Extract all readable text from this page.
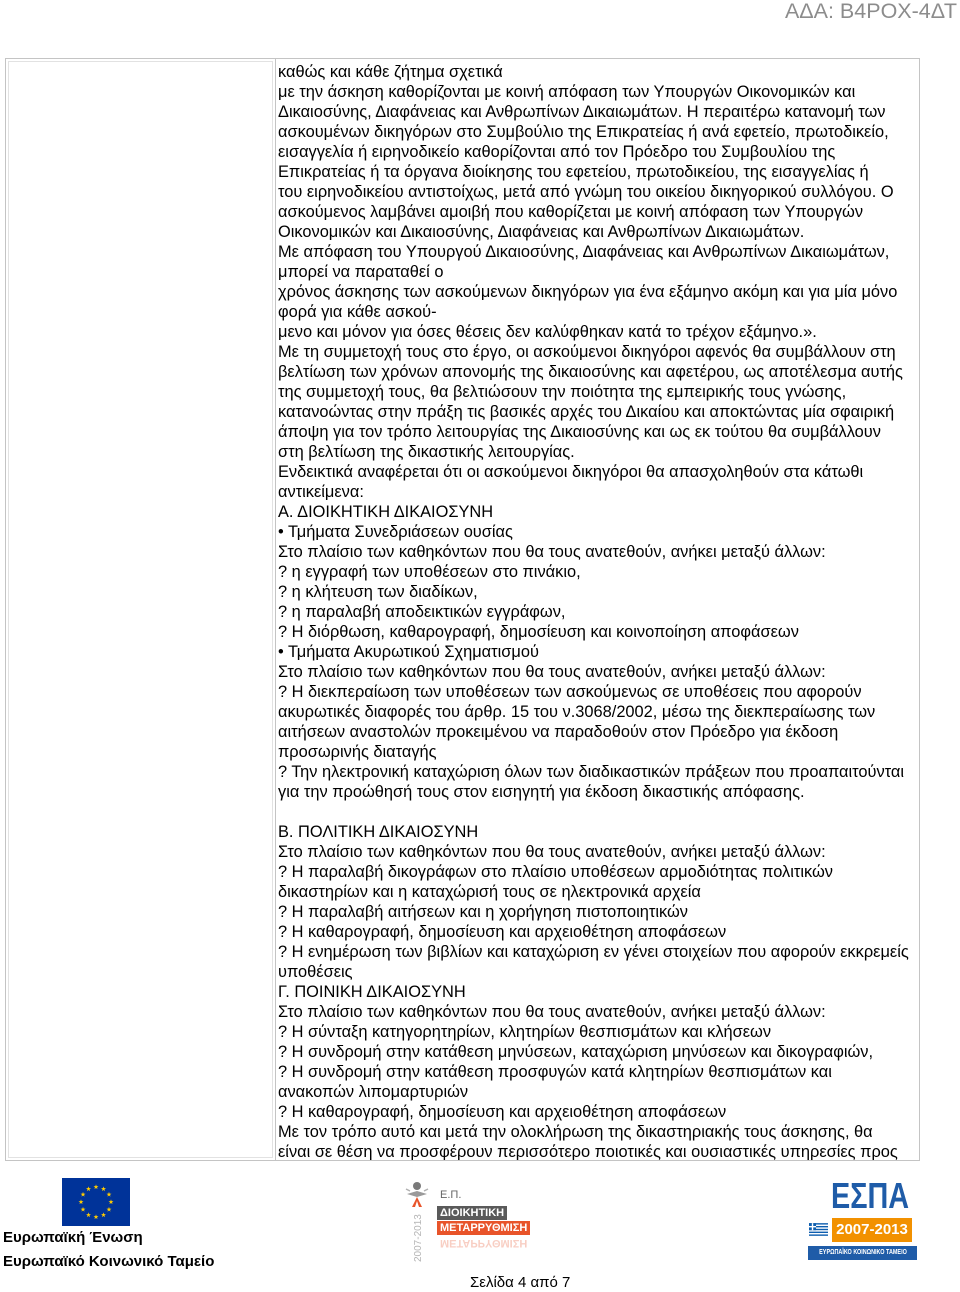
ΑΔΑ: Β4ΡΟΧ-4ΔΤ
καθώς και κάθε ζήτημα σχετικά
με την άσκηση καθορίζονται με κοινή απόφαση των Υπουργών Οικονομικών και
Δικαιοσύνης, Διαφάνειας και Ανθρωπίνων Δικαιωμάτων. Η περαιτέρω κατανομή των
ασκουμένων δικηγόρων στο Συμβούλιο της Επικρατείας ή ανά εφετείο, πρωτοδικείο,
εισαγγελία ή ειρηνοδικείο καθορίζονται από τον Πρόεδρο του Συμβουλίου της
Επικρατείας ή τα όργανα διοίκησης του εφετείου, πρωτοδικείου, της εισαγγελίας ή
του ειρηνοδικείου αντιστοίχως, μετά από γνώμη του οικείου δικηγορικού συλλόγου. Ο
ασκούμενος λαμβάνει αμοιβή που καθορίζεται με κοινή απόφαση των Υπουργών
Οικονομικών και Δικαιοσύνης, Διαφάνειας και Ανθρωπίνων Δικαιωμάτων.
Με απόφαση του Υπουργού Δικαιοσύνης, Διαφάνειας και Ανθρωπίνων Δικαιωμάτων,
μπορεί να παραταθεί ο
χρόνος άσκησης των ασκούμενων δικηγόρων για ένα εξάμηνο ακόμη και για μία μόνο
φορά για κάθε ασκού-
μενο και μόνον για όσες θέσεις δεν καλύφθηκαν κατά το τρέχον εξάμηνο.».
Με τη συμμετοχή τους στο έργο, οι ασκούμενοι δικηγόροι αφενός θα συμβάλλουν στη
βελτίωση των χρόνων απονομής της δικαιοσύνης και αφετέρου, ως αποτέλεσμα αυτής
της συμμετοχή τους, θα βελτιώσουν την ποιότητα της εμπειρικής τους γνώσης,
κατανοώντας στην πράξη τις βασικές αρχές του Δικαίου και αποκτώντας μία σφαιρική
άποψη για τον τρόπο λειτουργίας της Δικαιοσύνης και ως εκ τούτου θα συμβάλλουν
στη βελτίωση της δικαστικής λειτουργίας.
Ενδεικτικά αναφέρεται ότι οι ασκούμενοι δικηγόροι θα απασχοληθούν στα κάτωθι
αντικείμενα:
Α. ΔΙΟΙΚΗΤΙΚΗ ΔΙΚΑΙΟΣΥΝΗ
• Τμήματα Συνεδριάσεων ουσίας
Στο πλαίσιο των καθηκόντων που θα τους ανατεθούν, ανήκει μεταξύ άλλων:
? η εγγραφή των υποθέσεων στο πινάκιο,
? η κλήτευση των διαδίκων,
? η παραλαβή αποδεικτικών εγγράφων,
? Η διόρθωση, καθαρογραφή, δημοσίευση και κοινοποίηση αποφάσεων
• Τμήματα Ακυρωτικού Σχηματισμού
Στο πλαίσιο των καθηκόντων που θα τους ανατεθούν, ανήκει μεταξύ άλλων:
? Η διεκπεραίωση των υποθέσεων των ασκούμενως σε υποθέσεις που αφορούν
ακυρωτικές διαφορές του άρθρ. 15 του ν.3068/2002, μέσω της διεκπεραίωσης των
αιτήσεων αναστολών προκειμένου να παραδοθούν στον Πρόεδρο για έκδοση
προσωρινής διαταγής
? Την ηλεκτρονική καταχώριση όλων των διαδικαστικών πράξεων που προαπαιτούνται
για την προώθησή τους στον εισηγητή για έκδοση δικαστικής απόφασης.
Β. ΠΟΛΙΤΙΚΗ ΔΙΚΑΙΟΣΥΝΗ
Στο πλαίσιο των καθηκόντων που θα τους ανατεθούν, ανήκει μεταξύ άλλων:
? Η παραλαβή δικογράφων στο πλαίσιο υποθέσεων αρμοδιότητας πολιτικών
δικαστηρίων και η καταχώρισή τους σε ηλεκτρονικά αρχεία
? Η παραλαβή αιτήσεων και η χορήγηση πιστοποιητικών
? Η καθαρογραφή, δημοσίευση και αρχειοθέτηση αποφάσεων
? Η ενημέρωση των βιβλίων και καταχώριση εν γένει στοιχείων που αφορούν εκκρεμείς
υποθέσεις
Γ. ΠΟΙΝΙΚΗ ΔΙΚΑΙΟΣΥΝΗ
Στο πλαίσιο των καθηκόντων που θα τους ανατεθούν, ανήκει μεταξύ άλλων:
? Η σύνταξη κατηγορητηρίων, κλητηρίων θεσπισμάτων και κλήσεων
? Η συνδρομή στην κατάθεση μηνύσεων, καταχώριση μηνύσεων και δικογραφιών,
? Η συνδρομή στην κατάθεση προσφυγών κατά κλητηρίων θεσπισμάτων και
ανακοπών λιπομαρτυριών
? Η καθαρογραφή, δημοσίευση και αρχειοθέτηση αποφάσεων
Με τον τρόπο αυτό και μετά την ολοκλήρωση της δικαστηριακής τους άσκησης, θα
είναι σε θέση να προσφέρουν περισσότερο ποιοτικές και ουσιαστικές υπηρεσίες προς
Ευρωπαϊκή Ένωση
Ευρωπαϊκό Κοινωνικό Ταμείο
Ε.Π.
ΔΙΟΙΚΗΤΙΚΗ
ΜΕΤΑΡΡΥΘΜΙΣΗ
ΜΕΤΑΡΡΥΘΜΙΣΗ
2007-2013
ΕΣΠΑ
2007-2013
ΕΥΡΩΠΑΪΚΟ ΚΟΙΝΩΝΙΚΟ ΤΑΜΕΙΟ
Σελίδα 4 από 7
